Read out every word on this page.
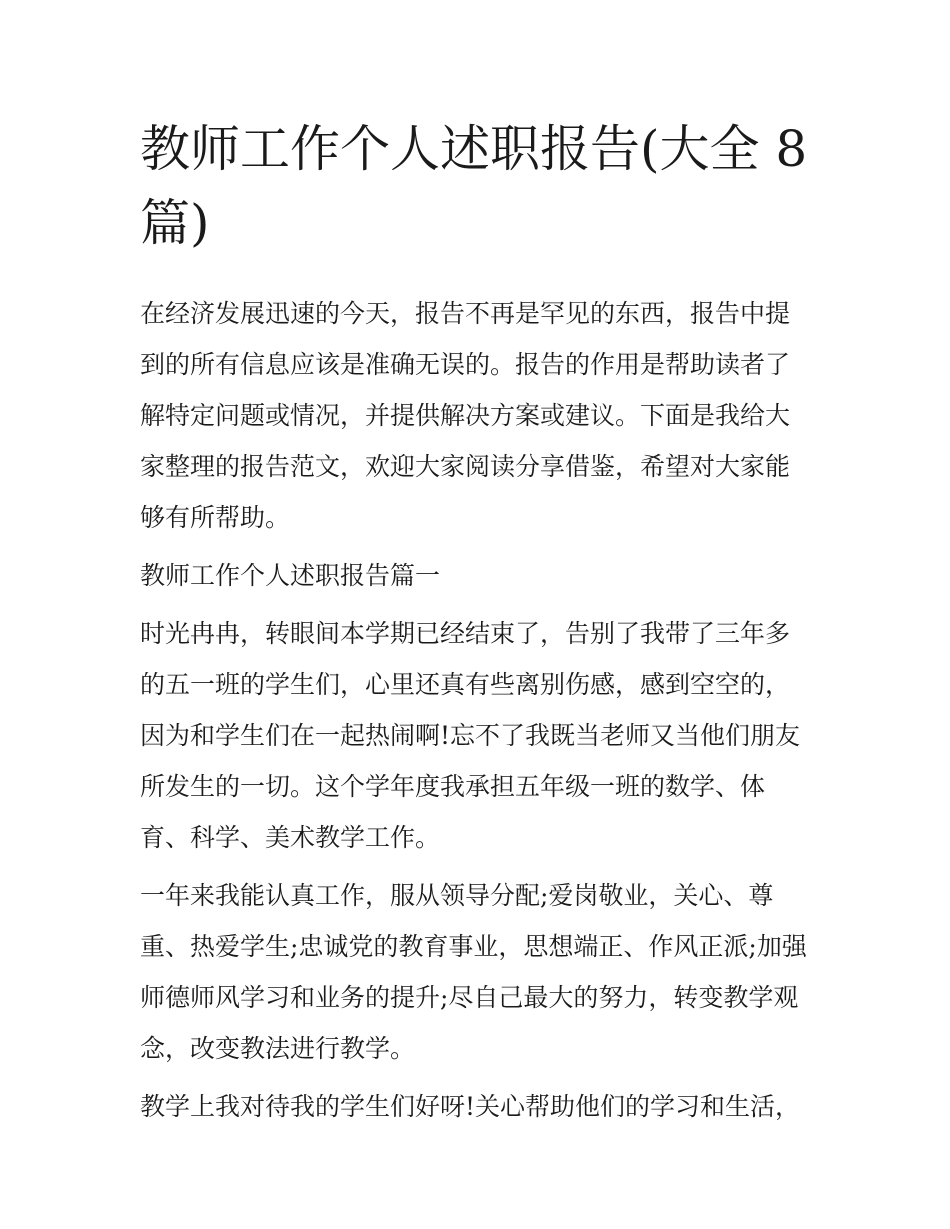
教师工作个人述职报告(大全 8 篇)

在经济发展迅速的今天，报告不再是罕见的东西，报告中提到的所有信息应该是准确无误的。报告的作用是帮助读者了解特定问题或情况，并提供解决方案或建议。下面是我给大家整理的报告范文，欢迎大家阅读分享借鉴，希望对大家能够有所帮助。

教师工作个人述职报告篇一

时光冉冉，转眼间本学期已经结束了，告别了我带了三年多的五一班的学生们，心里还真有些离别伤感，感到空空的，因为和学生们在一起热闹啊!忘不了我既当老师又当他们朋友所发生的一切。这个学年度我承担五年级一班的数学、体育、科学、美术教学工作。

一年来我能认真工作，服从领导分配;爱岗敬业，关心、尊重、热爱学生;忠诚党的教育事业，思想端正、作风正派;加强师德师风学习和业务的提升;尽自己最大的努力，转变教学观念，改变教法进行教学。

教学上我对待我的学生们好呀!关心帮助他们的学习和生活，
